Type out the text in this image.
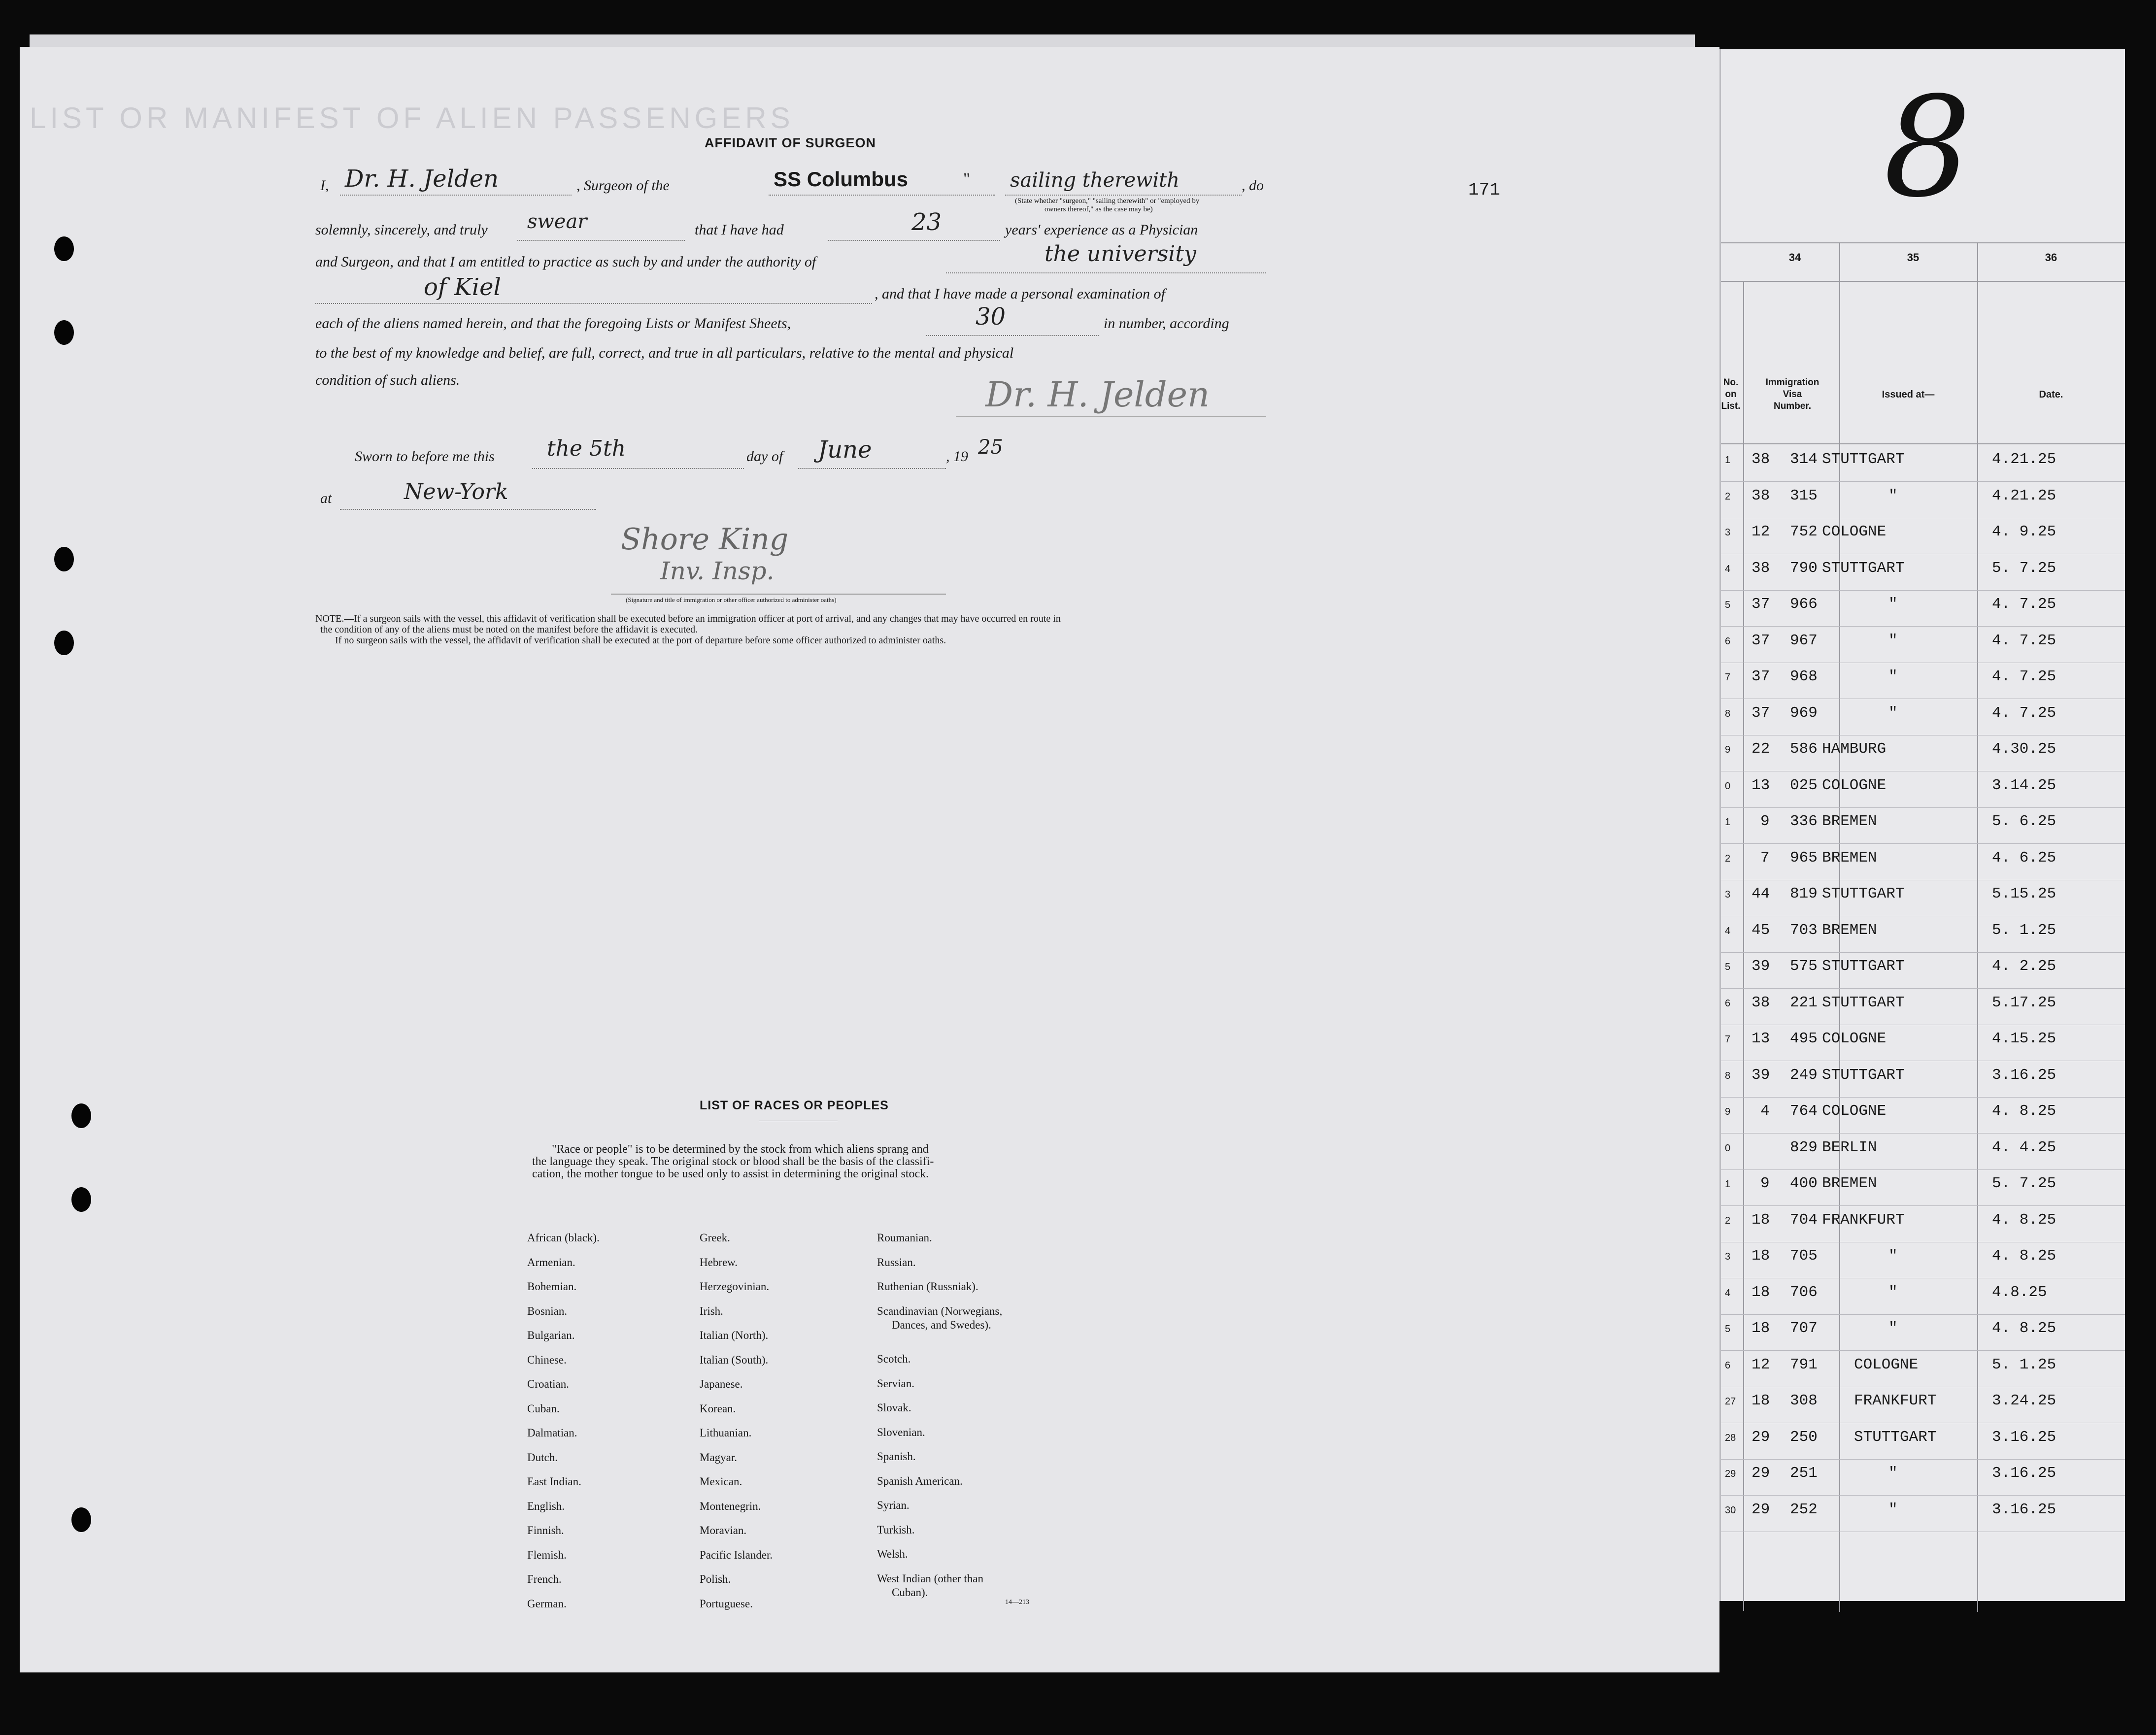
LIST OR MANIFEST OF ALIEN PASSENGERS
AFFIDAVIT OF SURGEON
I, Dr. H. Jelden	, Surgeon of the	SS Columbus	" sailing therewith	, do
(State whether "surgeon," "sailing therewith" or "employed by
owners thereof," as the case may be)
solemnly, sincerely, and truly swear	that I have had	23	years' experience as a Physician
and Surgeon, and that I am entitled to practice as such by and under the authority of	the university
of Kiel	, and that I have made a personal examination of
each of the aliens named herein, and that the foregoing Lists or Manifest Sheets,	30	in number, according
to the best of my knowledge and belief, are full, correct, and true in all particulars, relative to the mental and physical
condition of such aliens.	Dr. H. Jelden
Sworn to before me this the 5th	day of June	, 19 25
at	New-York
Shore King
Inv. Insp.
(Signature and title of immigration or other officer authorized to administer oaths)
NOTE.—If a surgeon sails with the vessel, this affidavit of verification shall be executed before an immigration officer at port of arrival, and any changes that may have occurred en route in
the condition of any of the aliens must be noted on the manifest before the affidavit is executed.
If no surgeon sails with the vessel, the affidavit of verification shall be executed at the port of departure before some officer authorized to administer oaths.
LIST OF RACES OR PEOPLES
"Race or people" is to be determined by the stock from which aliens sprang and
the language they speak. The original stock or blood shall be the basis of the classifi-
cation, the mother tongue to be used only to assist in determining the original stock.
African (black).
Armenian.
Bohemian.
Bosnian.
Bulgarian.
Chinese.
Croatian.
Cuban.
Dalmatian.
Dutch.
East Indian.
English.
Finnish.
Flemish.
French.
German.
Greek.
Hebrew.
Herzegovinian.
Irish.
Italian (North).
Italian (South).
Japanese.
Korean.
Lithuanian.
Magyar.
Mexican.
Montenegrin.
Moravian.
Pacific Islander.
Polish.
Portuguese.
Roumanian.
Russian.
Ruthenian (Russniak).
Scandinavian (Norwegians,
Dances, and Swedes).
Scotch.
Servian.
Slovak.
Slovenian.
Spanish.
Spanish American.
Syrian.
Turkish.
Welsh.
West Indian (other than
Cuban).
14—213
171	8
34	35	36
No.
on
List.
Immigration
Visa
Number.
Issued at—	Date.
1 38 314 STUTTGART	4.21.25
2 38 315	"	4.21.25
3 12 752 COLOGNE	4. 9.25
4 38 790 STUTTGART	5. 7.25
5 37 966	"	4. 7.25
6 37 967	"	4. 7.25
7 37 968	"	4. 7.25
8 37 969	"	4. 7.25
9 22 586 HAMBURG	4.30.25
0 13 025 COLOGNE	3.14.25
1 9 336 BREMEN	5. 6.25
2 7 965 BREMEN	4. 6.25
3 44 819 STUTTGART	5.15.25
4 45 703 BREMEN	5. 1.25
5 39 575 STUTTGART	4. 2.25
6 38 221 STUTTGART	5.17.25
7 13 495 COLOGNE	4.15.25
8 39 249 STUTTGART	3.16.25
9 4 764 COLOGNE	4. 8.25
0	829 BERLIN	4. 4.25
1 9 400 BREMEN	5. 7.25
2 18 704 FRANKFURT	4. 8.25
3 18 705	"	4. 8.25
4 18 706	"	4.8.25
5 18 707	"	4. 8.25
6 12 791 COLOGNE	5. 1.25
27 18 308 FRANKFURT	3.24.25
28 29 250 STUTTGART	3.16.25
29 29 251	"	3.16.25
30 29 252	"	3.16.25
